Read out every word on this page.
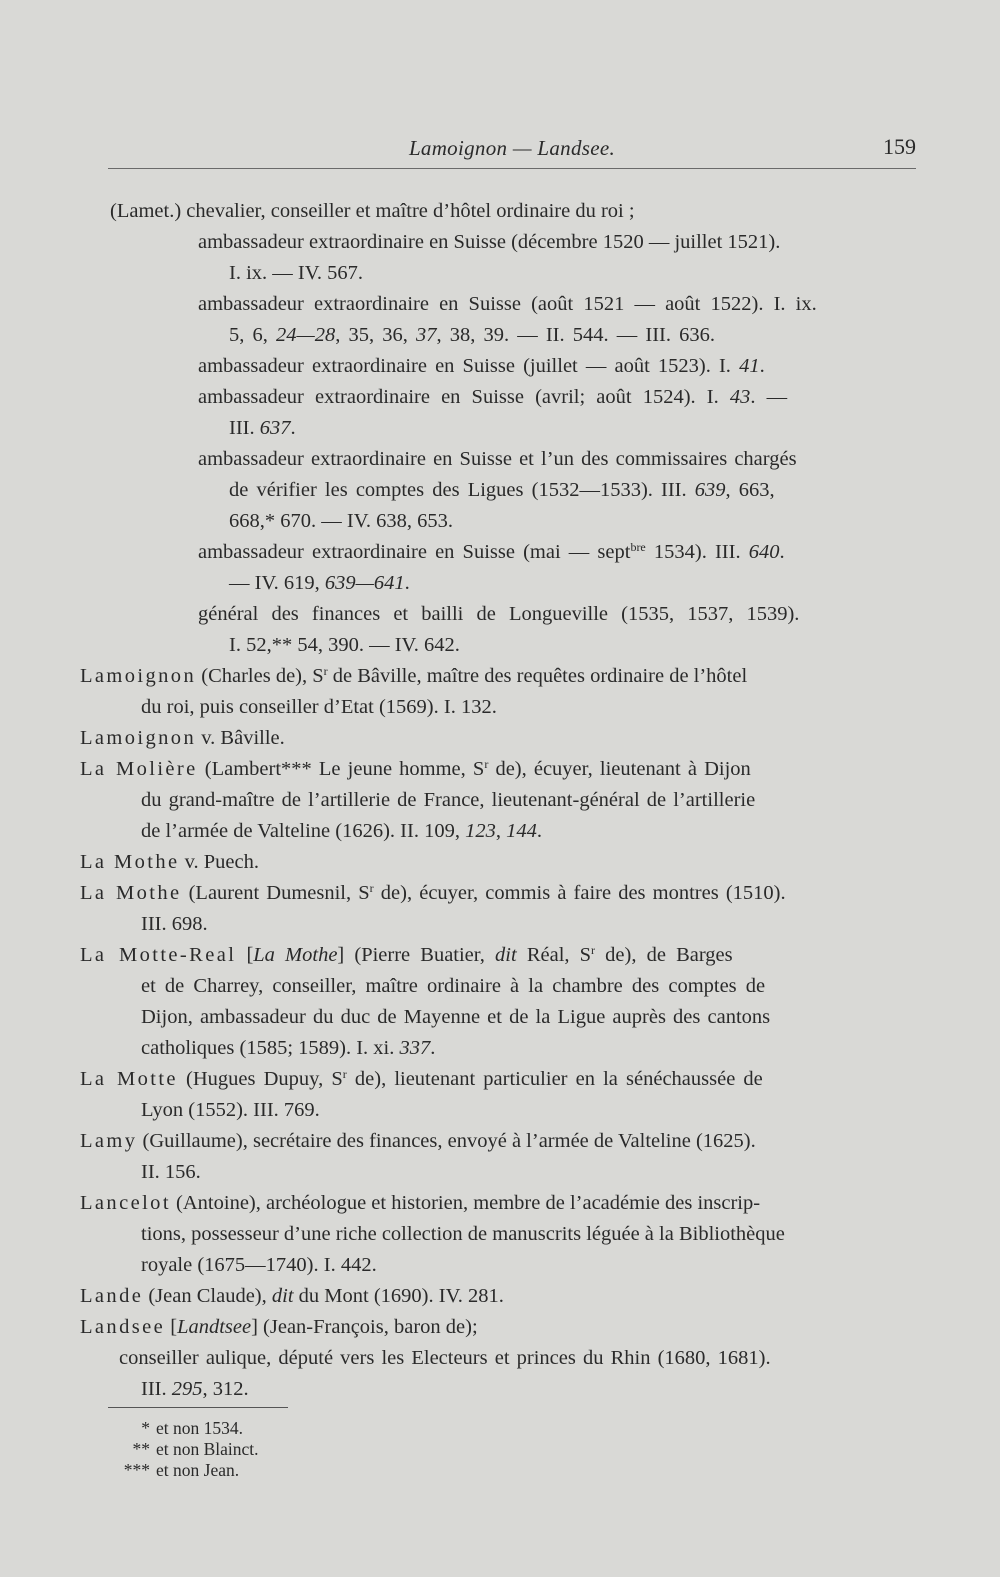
Lamoignon — Landsee.	159
(Lamet.) chevalier, conseiller et maître d’hôtel ordinaire du roi ;
ambassadeur extraordinaire en Suisse (décembre 1520 — juillet 1521).
I. ix. — IV. 567.
ambassadeur extraordinaire en Suisse (août 1521 — août 1522). I. ix.
5, 6, 24—28, 35, 36, 37, 38, 39. — II. 544. — III. 636.
ambassadeur extraordinaire en Suisse (juillet — août 1523). I. 41.
ambassadeur extraordinaire en Suisse (avril; août 1524). I. 43. —
III. 637.
ambassadeur extraordinaire en Suisse et l’un des commissaires chargés
de vérifier les comptes des Ligues (1532—1533). III. 639, 663,
668,* 670. — IV. 638, 653.
ambassadeur extraordinaire en Suisse (mai — sept$^{bre}$ 1534). III. 640.
— IV. 619, 639—641.
général des finances et bailli de Longueville (1535, 1537, 1539).
I. 52,** 54, 390. — IV. 642.
Lamoignon (Charles de), $S^r$ de Bâville, maître des requêtes ordinaire de l’hôtel
du roi, puis conseiller d’Etat (1569). I. 132.
Lamoignon v. Bâville.
La Molière (Lambert*** Le jeune homme, $S^r$ de), écuyer, lieutenant à Dijon
du grand-maître de l’artillerie de France, lieutenant-général de l’artillerie
de l’armée de Valteline (1626). II. 109, 123, 144.
La Mothe v. Puech.
La Mothe (Laurent Dumesnil, $S^r$ de), écuyer, commis à faire des montres (1510).
III. 698.
La Motte-Real [La Mothe] (Pierre Buatier, dit Réal, $S^r$ de), de Barges
et de Charrey, conseiller, maître ordinaire à la chambre des comptes de
Dijon, ambassadeur du duc de Mayenne et de la Ligue auprès des cantons
catholiques (1585; 1589). I. xi. 337.
La Motte (Hugues Dupuy, $S^r$ de), lieutenant particulier en la sénéchaussée de
Lyon (1552). III. 769.
Lamy (Guillaume), secrétaire des finances, envoyé à l’armée de Valteline (1625).
II. 156.
Lancelot (Antoine), archéologue et historien, membre de l’académie des inscrip-
tions, possesseur d’une riche collection de manuscrits léguée à la Bibliothèque
royale (1675—1740). I. 442.
Lande (Jean Claude), dit du Mont (1690). IV. 281.
Landsee [Landtsee] (Jean-François, baron de);
conseiller aulique, député vers les Electeurs et princes du Rhin (1680, 1681).
III. 295, 312.
* et non 1534.
** et non Blainct.
*** et non Jean.
